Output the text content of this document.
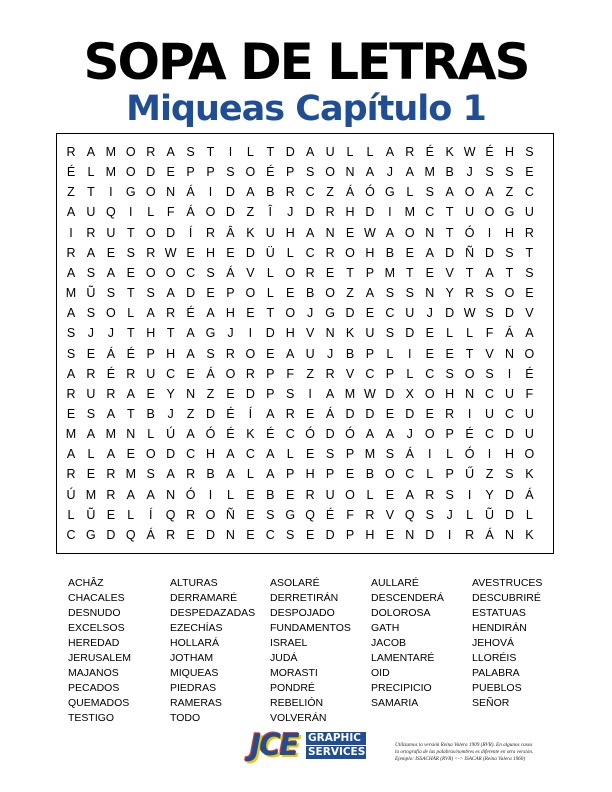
SOPA DE LETRAS
Miqueas Capítulo 1
R A M O R A S T	I	L	T D A U L	L A R É K W É H S
É L M O D E P P S O É P S O N A	J	A M B	J	S S E
Z T	I	G O N Á	I	D A B R C Z Á Ó G L S A O A Z C
A U Q	I	L	F Á O D Z	Î	J D R H D	I	M C T U O G U
I	R U T O D	Í	R Â K U H A N E W A O N T Ó	I	H R
R A E S R W E H E D Ü L C R O H B E A D Ñ D S T
A S A E O O C S Á V L O R E T P M T E V T A T S
M Ũ S T S A D E P O L E B O Z A S S N Y R S O E
A S O L A R É A H E T O J G D E C U J D W S D V
S	J	J	T H T A G J	I	D H V N K U S D E L	L	F Á A
S E Á É P H A S R O E A U J	B P L	I	E E T V N O
A R É R U C E Á O R P F Z R V C P L C S O S	I	É
R U R A E Y N Z E D P S	I	A M W D X O H N C U F
E S A T B	J	Z D É	Í	A R E Á D D E D E R	I	U C U
M A M N L Ú A Ó É K É C Ó D Ó A A	J O P É C D U
A L A E O D C H A C A L E S P M S Á	I	L Ó	I	H O
R E R M S A R B A L A P H P E B O C L P Ű Z S K
Ú M R A A N Ó	I	L E B E R U O L E A R S	I	Y D Á
L Ũ E L	Í	Q R O Ñ E S G Q É F R V Q S	J	L Ũ D L
C G D Q Á R E D N E C S E D P H E N D	I	R Á N K
ACHÂZ
CHACALES
DESNUDO
EXCELSOS
HEREDAD
JERUSALEM
MAJANOS
PECADOS
QUEMADOS
TESTIGO
ALTURAS
DERRAMARÉ
DESPEDAZADAS
EZECHÍAS
HOLLARÁ
JOTHAM
MIQUEAS
PIEDRAS
RAMERAS
TODO
ASOLARÉ
DERRETIRÁN
DESPOJADO
FUNDAMENTOS
ISRAEL
JUDÁ
MORASTI
PONDRÉ
REBELIÓN
VOLVERÁN
AULLARÉ
DESCENDERÁ
DOLOROSA
GATH
JACOB
LAMENTARÉ
OID
PRECIPICIO
SAMARIA
AVESTRUCES
DESCUBRIRÉ
ESTATUAS
HENDIRÁN
JEHOVÁ
LLORÉIS
PALABRA
PUEBLOS
SEÑOR
JCE GRAPHIC
SERVICES
Utilizamos la versión Reina Valera 1909 (RVR). En algunos casos
la ortografía de las palabras/nombres es diferente en otra versión.
Ejemplo: ISSACHÁR (RVR) <-> ISACAR (Reina Valera 1960)
